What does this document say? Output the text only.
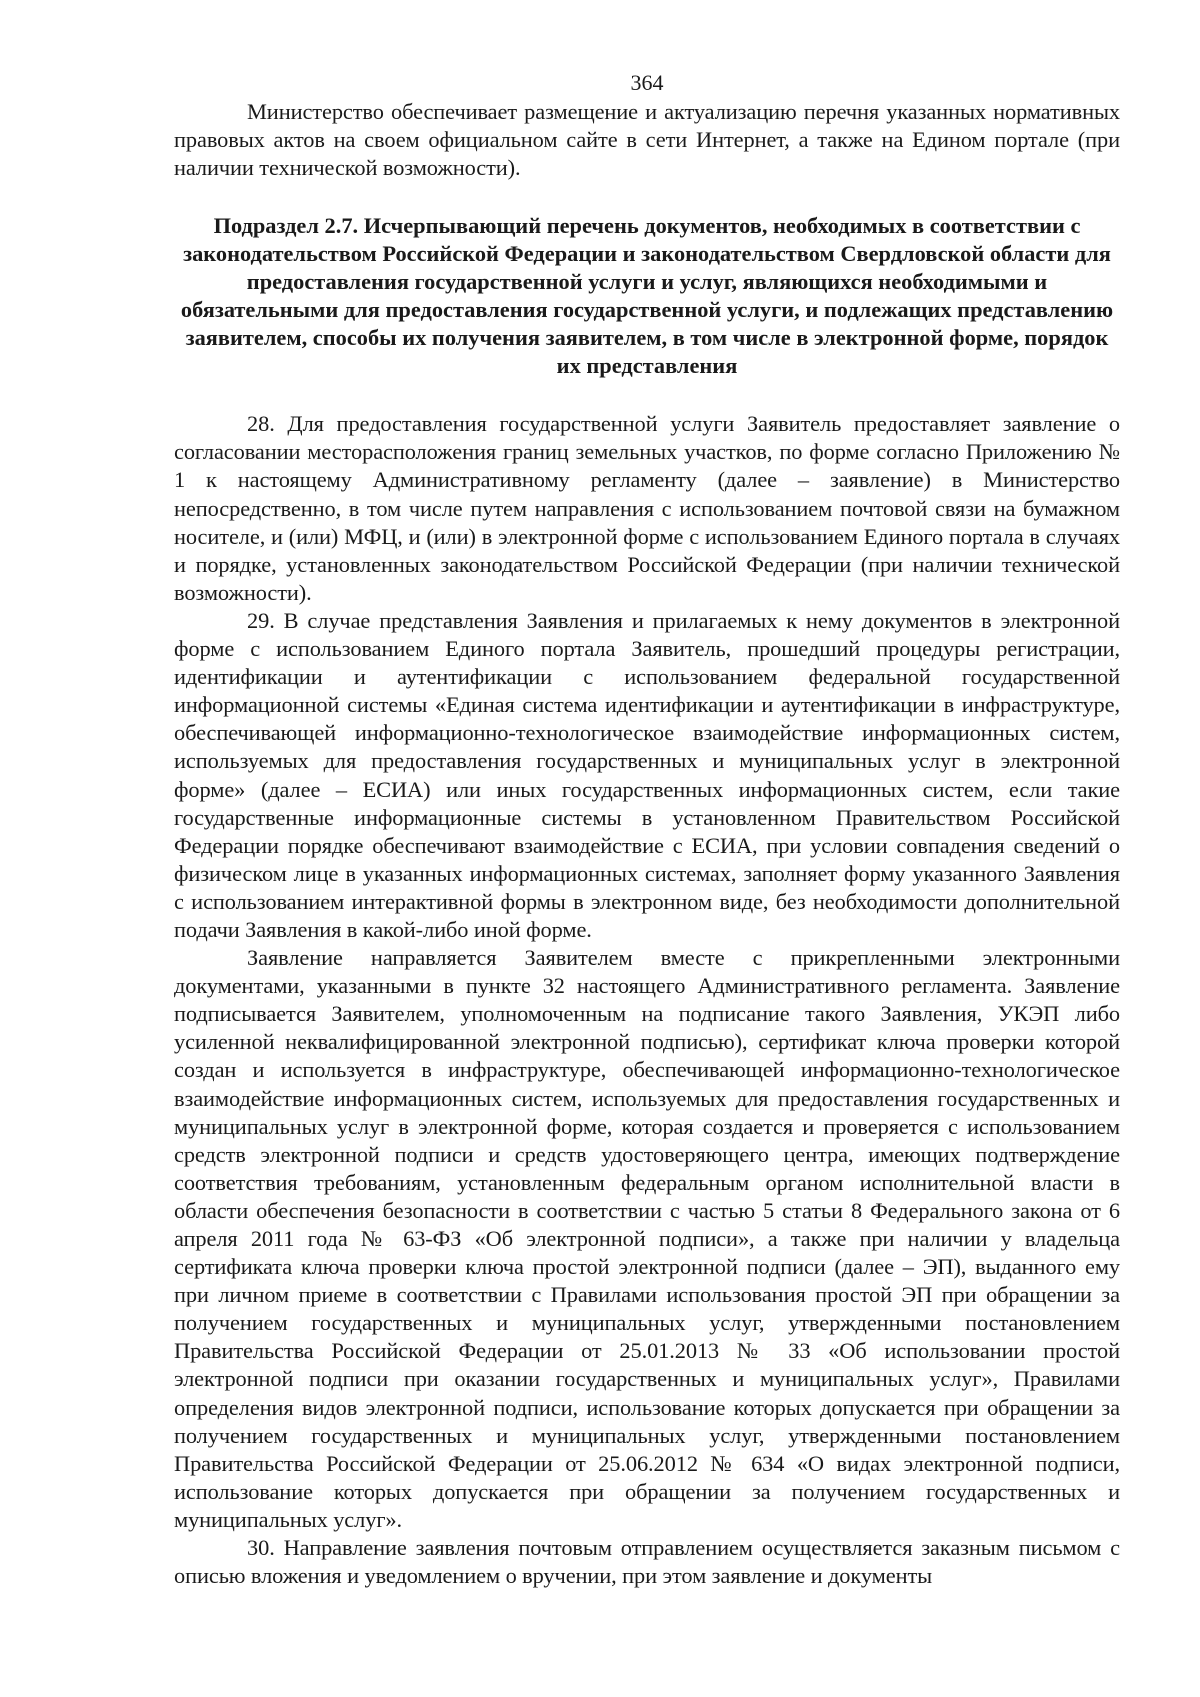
364

Министерство обеспечивает размещение и актуализацию перечня указанных нормативных правовых актов на своем официальном сайте в сети Интернет, а также на Едином портале (при наличии технической возможности).

Подраздел 2.7. Исчерпывающий перечень документов, необходимых в соответствии с законодательством Российской Федерации и законодательством Свердловской области для предоставления государственной услуги и услуг, являющихся необходимыми и обязательными для предоставления государственной услуги, и подлежащих представлению заявителем, способы их получения заявителем, в том числе в электронной форме, порядок их представления

28. Для предоставления государственной услуги Заявитель предоставляет заявление о согласовании месторасположения границ земельных участков, по форме согласно Приложению № 1 к настоящему Административному регламенту (далее – заявление) в Министерство непосредственно, в том числе путем направления с использованием почтовой связи на бумажном носителе, и (или) МФЦ, и (или) в электронной форме с использованием Единого портала в случаях и порядке, установленных законодательством Российской Федерации (при наличии технической возможности).

29. В случае представления Заявления и прилагаемых к нему документов в электронной форме с использованием Единого портала Заявитель, прошедший процедуры регистрации, идентификации и аутентификации с использованием федеральной государственной информационной системы «Единая система идентификации и аутентификации в инфраструктуре, обеспечивающей информационно-технологическое взаимодействие информационных систем, используемых для предоставления государственных и муниципальных услуг в электронной форме» (далее – ЕСИА) или иных государственных информационных систем, если такие государственные информационные системы в установленном Правительством Российской Федерации порядке обеспечивают взаимодействие с ЕСИА, при условии совпадения сведений о физическом лице в указанных информационных системах, заполняет форму указанного Заявления с использованием интерактивной формы в электронном виде, без необходимости дополнительной подачи Заявления в какой-либо иной форме.

Заявление направляется Заявителем вместе с прикрепленными электронными документами, указанными в пункте 32 настоящего Административного регламента. Заявление подписывается Заявителем, уполномоченным на подписание такого Заявления, УКЭП либо усиленной неквалифицированной электронной подписью), сертификат ключа проверки которой создан и используется в инфраструктуре, обеспечивающей информационно-технологическое взаимодействие информационных систем, используемых для предоставления государственных и муниципальных услуг в электронной форме, которая создается и проверяется с использованием средств электронной подписи и средств удостоверяющего центра, имеющих подтверждение соответствия требованиям, установленным федеральным органом исполнительной власти в области обеспечения безопасности в соответствии с частью 5 статьи 8 Федерального закона от 6 апреля 2011 года № 63-ФЗ «Об электронной подписи», а также при наличии у владельца сертификата ключа проверки ключа простой электронной подписи (далее – ЭП), выданного ему при личном приеме в соответствии с Правилами использования простой ЭП при обращении за получением государственных и муниципальных услуг, утвержденными постановлением Правительства Российской Федерации от 25.01.2013 № 33 «Об использовании простой электронной подписи при оказании государственных и муниципальных услуг», Правилами определения видов электронной подписи, использование которых допускается при обращении за получением государственных и муниципальных услуг, утвержденными постановлением Правительства Российской Федерации от 25.06.2012 № 634 «О видах электронной подписи, использование которых допускается при обращении за получением государственных и муниципальных услуг».

30. Направление заявления почтовым отправлением осуществляется заказным письмом с описью вложения и уведомлением о вручении, при этом заявление и документы
